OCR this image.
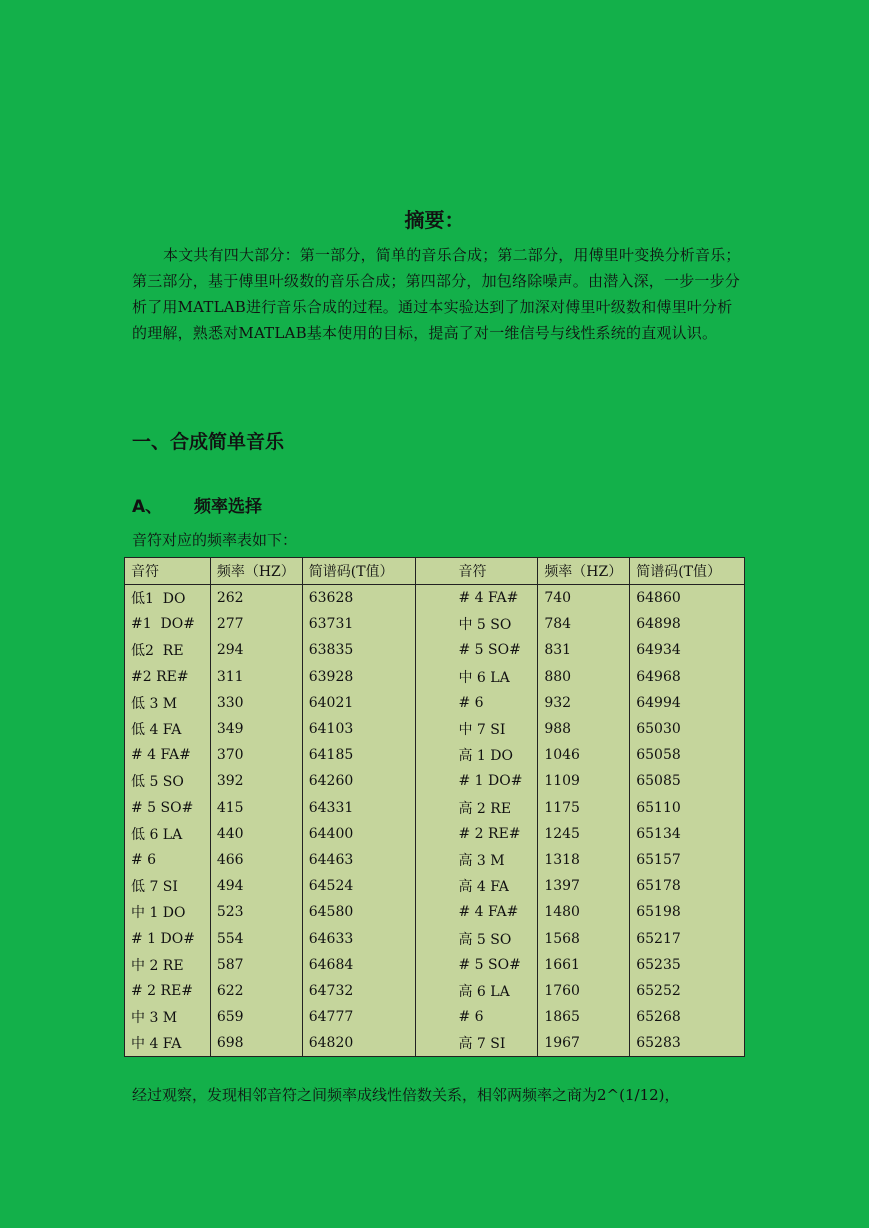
摘要：
本文共有四大部分：第一部分，简单的音乐合成；第二部分，用傅里叶变换分析音乐；第三部分，基于傅里叶级数的音乐合成；第四部分，加包络除噪声。由潜入深，一步一步分析了用MATLAB进行音乐合成的过程。通过本实验达到了加深对傅里叶级数和傅里叶分析的理解，熟悉对MATLAB基本使用的目标，提高了对一维信号与线性系统的直观认识。
一、合成简单音乐
A、 频率选择
音符对应的频率表如下：
音符	频率（HZ）	简谱码(T值）	音符	频率（HZ）	简谱码(T值）
低1  DO	262	63628	# 4 FA#	740	64860
#1  DO#	277	63731	中 5 SO	784	64898
低2  RE	294	63835	# 5 SO#	831	64934
#2 RE#	311	63928	中 6 LA	880	64968
低 3 M	330	64021	# 6	932	64994
低 4 FA	349	64103	中 7 SI	988	65030
# 4 FA#	370	64185	高 1 DO	1046	65058
低 5 SO	392	64260	# 1 DO#	1109	65085
# 5 SO#	415	64331	高 2 RE	1175	65110
低 6 LA	440	64400	# 2 RE#	1245	65134
# 6	466	64463	高 3 M	1318	65157
低 7 SI	494	64524	高 4 FA	1397	65178
中 1 DO	523	64580	# 4 FA#	1480	65198
# 1 DO#	554	64633	高 5 SO	1568	65217
中 2 RE	587	64684	# 5 SO#	1661	65235
# 2 RE#	622	64732	高 6 LA	1760	65252
中 3 M	659	64777	# 6	1865	65268
中 4 FA	698	64820	高 7 SI	1967	65283
经过观察，发现相邻音符之间频率成线性倍数关系，相邻两频率之商为2^(1/12)，
